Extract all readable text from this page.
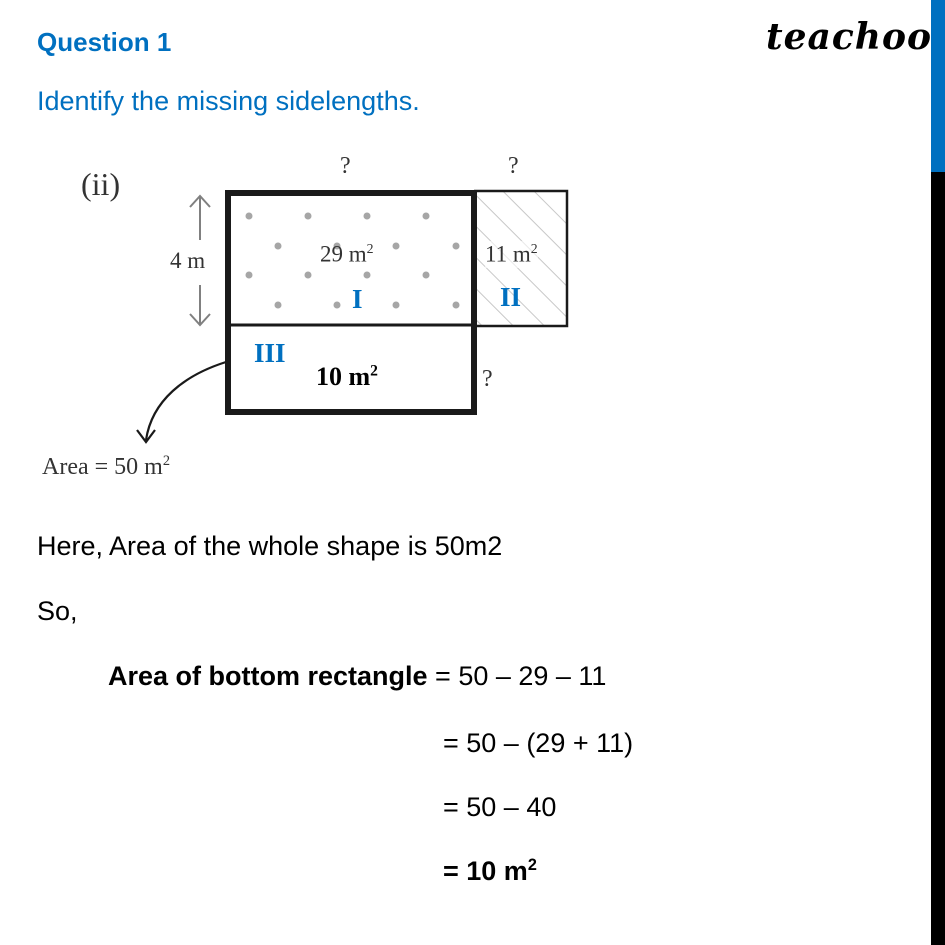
Question 1
Identify the missing sidelengths.
teachoo
(ii)	?	?
4 m	29 $m^2$
I
11 $m^2$
II
III
10 $m^2$	?
Area = 50 $m^2$
Here, Area of the whole shape is 50m2
So,
Area of bottom rectangle = 50 – 29 – 11
= 50 – (29 + 11)
= 50 – 40
= 10 $m^2$
